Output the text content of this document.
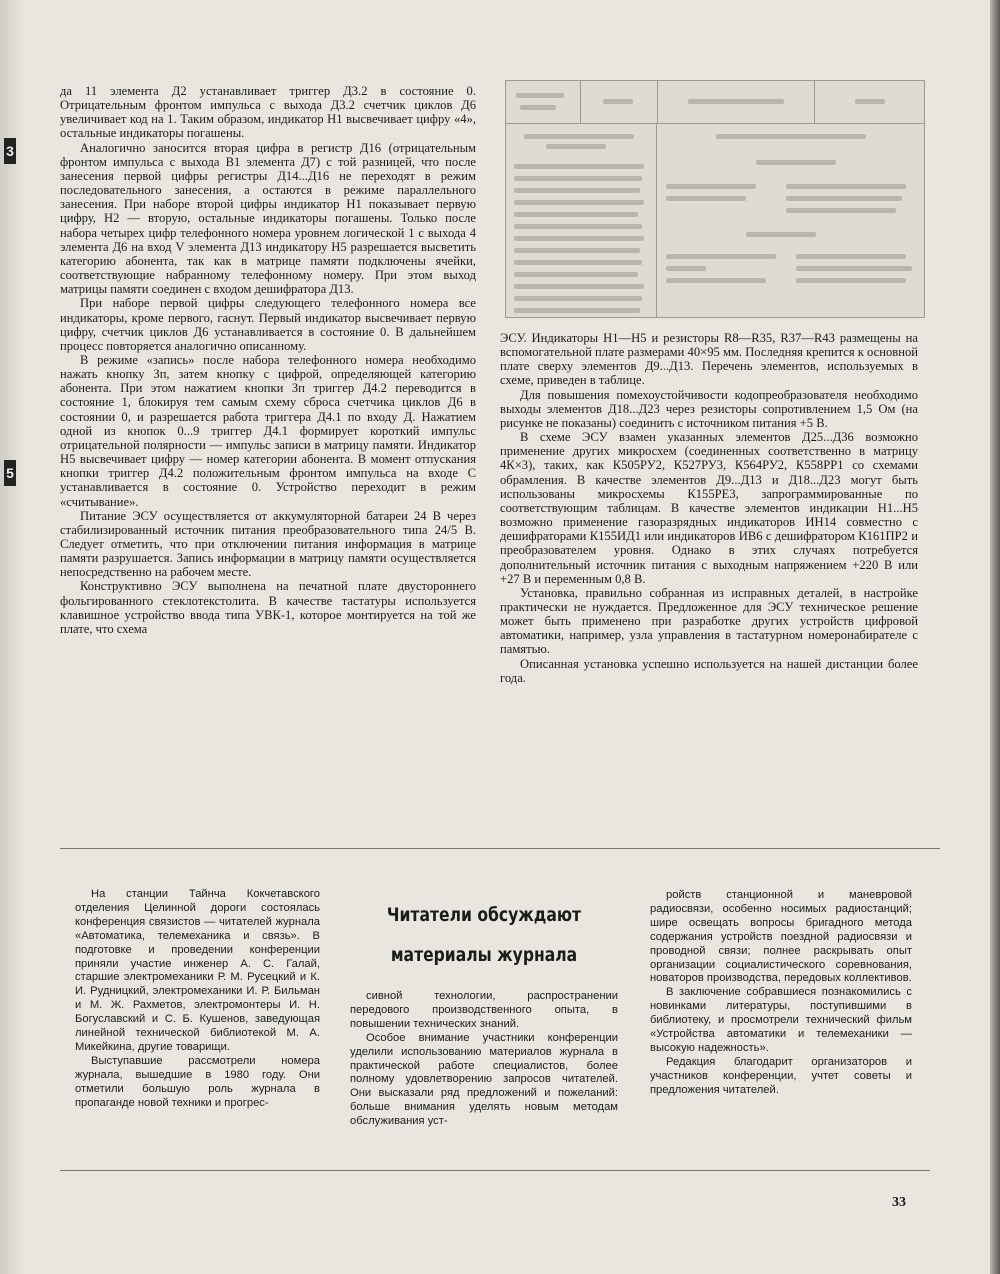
3
5

да 11 элемента Д2 устанавливает триггер Д3.2 в состояние 0. Отрицательным фронтом импульса с выхода Д3.2 счетчик циклов Д6 увеличивает код на 1. Таким образом, индикатор Н1 высвечивает цифру «4», остальные индикаторы погашены.

Аналогично заносится вторая цифра в регистр Д16 (отрицательным фронтом импульса с выхода В1 элемента Д7) с той разницей, что после занесения первой цифры регистры Д14...Д16 не переходят в режим последовательного занесения, а остаются в режиме параллельного занесения. При наборе второй цифры индикатор Н1 показывает первую цифру, Н2 — вторую, остальные индикаторы погашены. Только после набора четырех цифр телефонного номера уровнем логической 1 с выхода 4 элемента Д6 на вход V элемента Д13 индикатору Н5 разрешается высветить категорию абонента, так как в матрице памяти подключены ячейки, соответствующие набранному телефонному номеру. При этом выход матрицы памяти соединен с входом дешифратора Д13.

При наборе первой цифры следующего телефонного номера все индикаторы, кроме первого, гаснут. Первый индикатор высвечивает первую цифру, счетчик циклов Д6 устанавливается в состояние 0. В дальнейшем процесс повторяется аналогично описанному.

В режиме «запись» после набора телефонного номера необходимо нажать кнопку Зп, затем кнопку с цифрой, определяющей категорию абонента. При этом нажатием кнопки Зп триггер Д4.2 переводится в состояние 1, блокируя тем самым схему сброса счетчика циклов Д6 в состоянии 0, и разрешается работа триггера Д4.1 по входу Д. Нажатием одной из кнопок 0...9 триггер Д4.1 формирует короткий импульс отрицательной полярности — импульс записи в матрицу памяти. Индикатор Н5 высвечивает цифру — номер категории абонента. В момент отпускания кнопки триггер Д4.2 положительным фронтом импульса на входе С устанавливается в состояние 0. Устройство переходит в режим «считывание».

Питание ЭСУ осуществляется от аккумуляторной батареи 24 В через стабилизированный источник питания преобразовательного типа 24/5 В. Следует отметить, что при отключении питания информация в матрице памяти разрушается. Запись информации в матрицу памяти осуществляется непосредственно на рабочем месте.

Конструктивно ЭСУ выполнена на печатной плате двустороннего фольгированного стеклотекстолита. В качестве тастатуры используется клавишное устройство ввода типа УВК-1, которое монтируется на той же плате, что схема

ЭСУ. Индикаторы Н1—Н5 и резисторы R8—R35, R37—R43 размещены на вспомогательной плате размерами 40×95 мм. Последняя крепится к основной плате сверху элементов Д9...Д13. Перечень элементов, используемых в схеме, приведен в таблице.

Для повышения помехоустойчивости кодопреобразователя необходимо выходы элементов Д18...Д23 через резисторы сопротивлением 1,5 Ом (на рисунке не показаны) соединить с источником питания +5 В.

В схеме ЭСУ взамен указанных элементов Д25...Д36 возможно применение других микросхем (соединенных соответственно в матрицу 4К×3), таких, как К505РУ2, К527РУ3, К564РУ2, К558РР1 со схемами обрамления. В качестве элементов Д9...Д13 и Д18...Д23 могут быть использованы микросхемы К155РЕ3, запрограммированные по соответствующим таблицам. В качестве элементов индикации Н1...Н5 возможно применение газоразрядных индикаторов ИН14 совместно с дешифраторами К155ИД1 или индикаторов ИВ6 с дешифратором К161ПР2 и преобразователем уровня. Однако в этих случаях потребуется дополнительный источник питания с выходным напряжением +220 В или +27 В и переменным 0,8 В.

Установка, правильно собранная из исправных деталей, в настройке практически не нуждается. Предложенное для ЭСУ техническое решение может быть применено при разработке других устройств цифровой автоматики, например, узла управления в тастатурном номеронабирателе с памятью.

Описанная установка успешно используется на нашей дистанции более года.

На станции Тайнча Кокчетавского отделения Целинной дороги состоялась конференция связистов — читателей журнала «Автоматика, телемеханика и связь». В подготовке и проведении конференции приняли участие инженер А. С. Галай, старшие электромеханики Р. М. Русецкий и К. И. Рудницкий, электромеханики И. Р. Бильман и М. Ж. Рахметов, электромонтеры И. Н. Богуславский и С. Б. Кушенов, заведующая линейной технической библиотекой М. А. Микейкина, другие товарищи.

Выступавшие рассмотрели номера журнала, вышедшие в 1980 году. Они отметили большую роль журнала в пропаганде новой техники и прогрес-

Читатели обсуждают
материалы журнала

сивной технологии, распространении передового производственного опыта, в повышении технических знаний.

Особое внимание участники конференции уделили использованию материалов журнала в практической работе специалистов, более полному удовлетворению запросов читателей. Они высказали ряд предложений и пожеланий: больше внимания уделять новым методам обслуживания уст-

ройств станционной и маневровой радиосвязи, особенно носимых радиостанций; шире освещать вопросы бригадного метода содержания устройств поездной радиосвязи и проводной связи; полнее раскрывать опыт организации социалистического соревнования, новаторов производства, передовых коллективов.

В заключение собравшиеся познакомились с новинками литературы, поступившими в библиотеку, и просмотрели технический фильм «Устройства автоматики и телемеханики — высокую надежность».

Редакция благодарит организаторов и участников конференции, учтет советы и предложения читателей.

33
